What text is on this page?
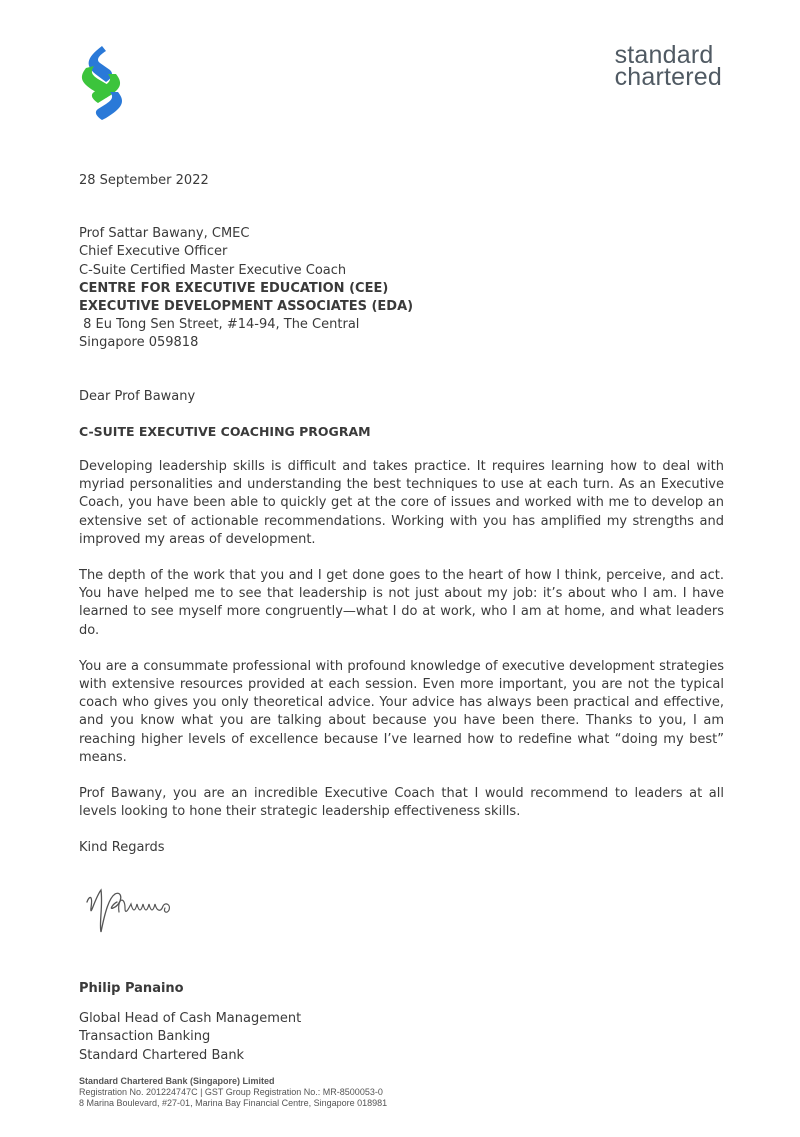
standard
chartered

28 September 2022

Prof Sattar Bawany, CMEC
Chief Executive Officer
C-Suite Certified Master Executive Coach
CENTRE FOR EXECUTIVE EDUCATION (CEE)
EXECUTIVE DEVELOPMENT ASSOCIATES (EDA)
8 Eu Tong Sen Street, #14-94, The Central
Singapore 059818
Dear Prof Bawany
C-SUITE EXECUTIVE COACHING PROGRAM

Developing leadership skills is difficult and takes practice. It requires learning how to deal with myriad personalities and understanding the best techniques to use at each turn. As an Executive Coach, you have been able to quickly get at the core of issues and worked with me to develop an extensive set of actionable recommendations. Working with you has amplified my strengths and improved my areas of development.

The depth of the work that you and I get done goes to the heart of how I think, perceive, and act. You have helped me to see that leadership is not just about my job: it’s about who I am. I have learned to see myself more congruently—what I do at work, who I am at home, and what leaders do.

You are a consummate professional with profound knowledge of executive development strategies with extensive resources provided at each session. Even more important, you are not the typical coach who gives you only theoretical advice. Your advice has always been practical and effective, and you know what you are talking about because you have been there. Thanks to you, I am reaching higher levels of excellence because I’ve learned how to redefine what “doing my best” means.

Prof Bawany, you are an incredible Executive Coach that I would recommend to leaders at all levels looking to hone their strategic leadership effectiveness skills.

Kind Regards
Philip Panaino
Global Head of Cash Management
Transaction Banking
Standard Chartered Bank
Standard Chartered Bank (Singapore) Limited
Registration No. 201224747C | GST Group Registration No.: MR-8500053-0
8 Marina Boulevard, #27-01, Marina Bay Financial Centre, Singapore 018981
